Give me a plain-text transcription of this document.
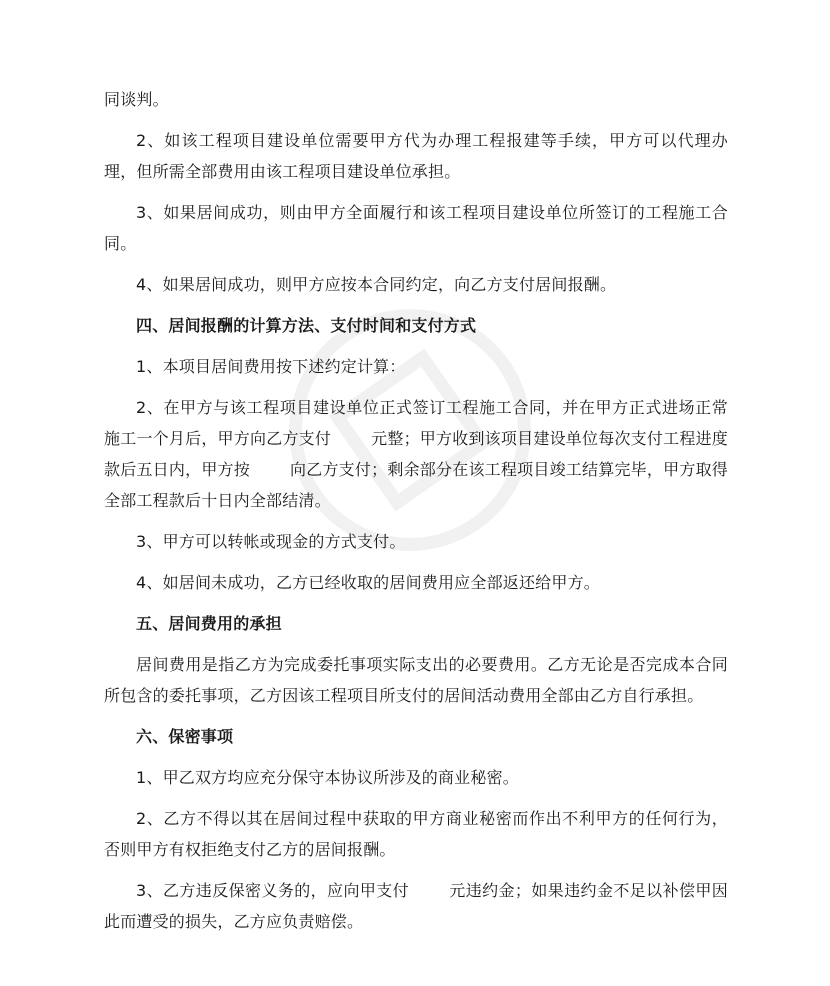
同谈判。

2、如该工程项目建设单位需要甲方代为办理工程报建等手续，甲方可以代理办理，但所需全部费用由该工程项目建设单位承担。

3、如果居间成功，则由甲方全面履行和该工程项目建设单位所签订的工程施工合同。

4、如果居间成功，则甲方应按本合同约定，向乙方支付居间报酬。

四、居间报酬的计算方法、支付时间和支付方式

1、本项目居间费用按下述约定计算：

2、在甲方与该工程项目建设单位正式签订工程施工合同，并在甲方正式进场正常施工一个月后，甲方向乙方支付	元整；甲方收到该项目建设单位每次支付工程进度款后五日内，甲方按	向乙方支付；剩余部分在该工程项目竣工结算完毕，甲方取得全部工程款后十日内全部结清。

3、甲方可以转帐或现金的方式支付。

4、如居间未成功，乙方已经收取的居间费用应全部返还给甲方。

五、居间费用的承担

居间费用是指乙方为完成委托事项实际支出的必要费用。乙方无论是否完成本合同所包含的委托事项，乙方因该工程项目所支付的居间活动费用全部由乙方自行承担。

六、保密事项

1、甲乙双方均应充分保守本协议所涉及的商业秘密。

2、乙方不得以其在居间过程中获取的甲方商业秘密而作出不利甲方的任何行为，否则甲方有权拒绝支付乙方的居间报酬。

3、乙方违反保密义务的，应向甲支付	元违约金；如果违约金不足以补偿甲因此而遭受的损失，乙方应负责赔偿。
